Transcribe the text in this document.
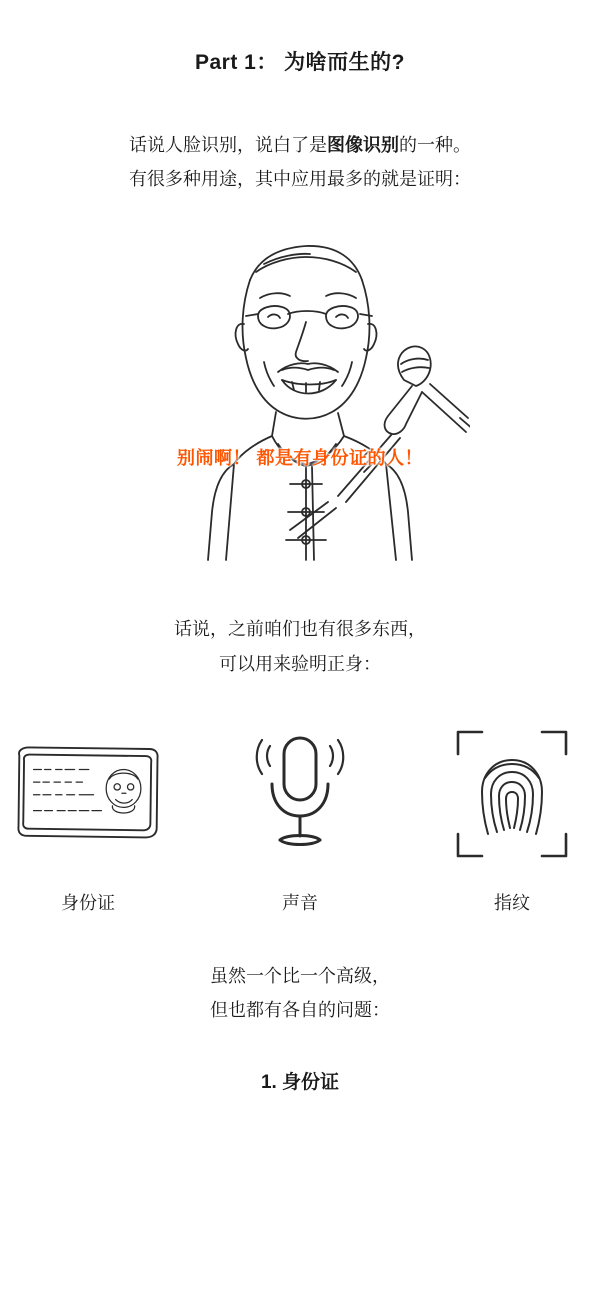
Part 1： 为啥而生的?
话说人脸识别，说白了是图像识别的一种。
有很多种用途，其中应用最多的就是证明：
别闹啊！ 都是有身份证的人！
话说，之前咱们也有很多东西，
可以用来验明正身：
身份证	声音	指纹
虽然一个比一个高级，
但也都有各自的问题：
1. 身份证
